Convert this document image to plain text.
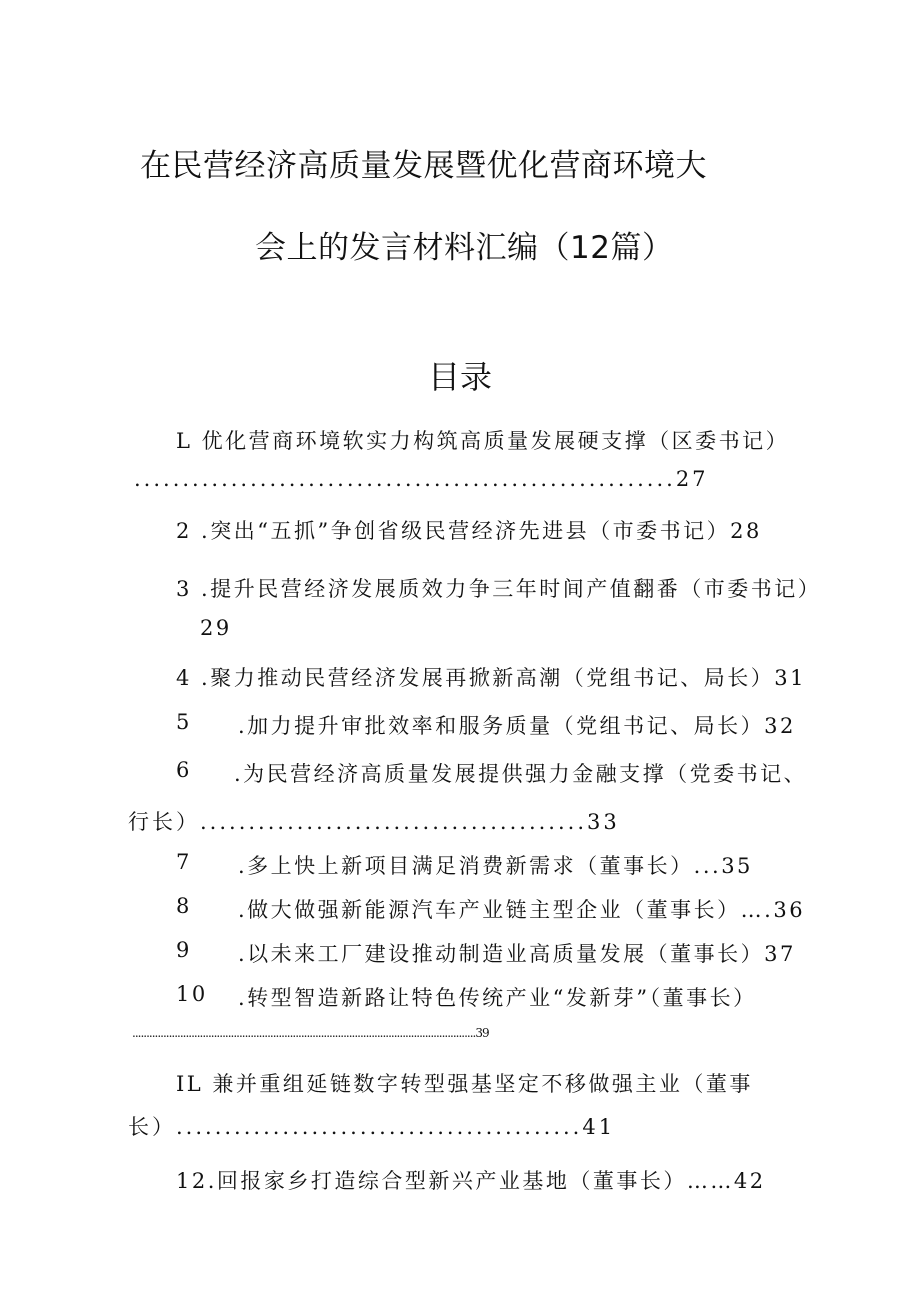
在民营经济高质量发展暨优化营商环境大
会上的发言材料汇编（12篇）
目录
L 优化营商环境软实力构筑高质量发展硬支撑（区委书记）
........................................................27
2 .突出“五抓”争创省级民营经济先进县（市委书记）28
3 .提升民营经济发展质效力争三年时间产值翻番（市委书记）
29
4 .聚力推动民营经济发展再掀新高潮（党组书记、局长）31
5 .加力提升审批效率和服务质量（党组书记、局长）32
6 .为民营经济高质量发展提供强力金融支撑（党委书记、
行长）........................................33
7 .多上快上新项目满足消费新需求（董事长）...35
8 .做大做强新能源汽车产业链主型企业（董事长）….36
9 .以未来工厂建设推动制造业高质量发展（董事长）37
10 .转型智造新路让特色传统产业“发新芽”（董事长）
..........................................................................................................................39
IL 兼并重组延链数字转型强基坚定不移做强主业（董事
长）..........................................41
12.回报家乡打造综合型新兴产业基地（董事长）……42
